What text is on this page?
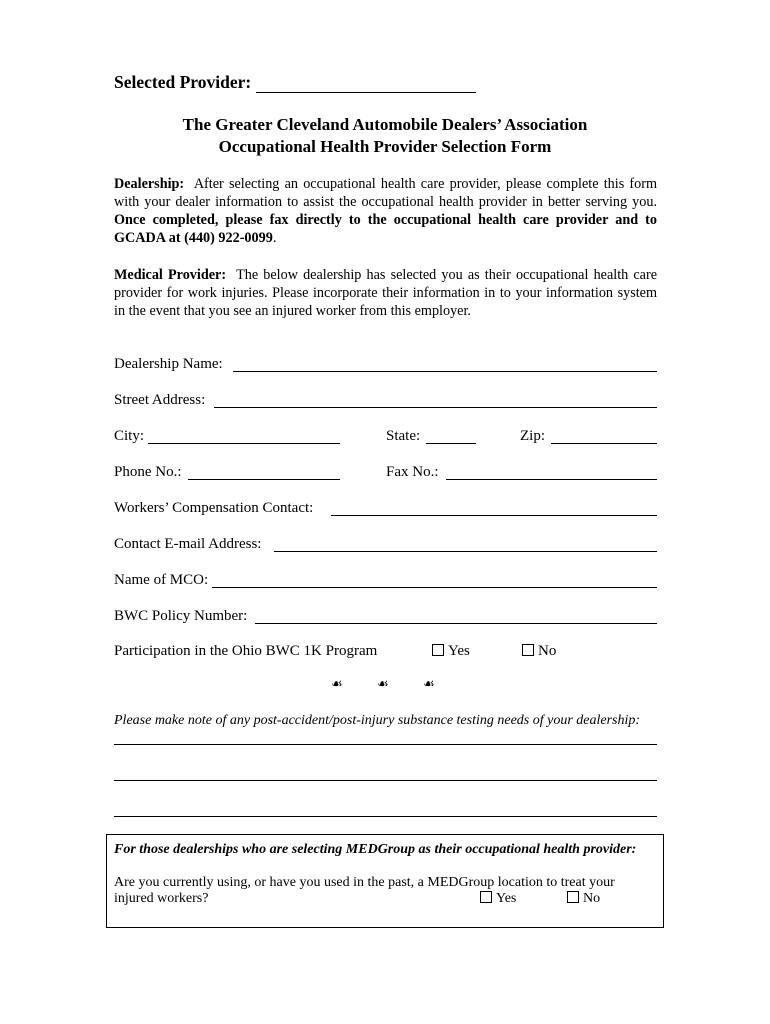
Selected Provider:
The Greater Cleveland Automobile Dealers’ Association
Occupational Health Provider Selection Form
Dealership: After selecting an occupational health care provider, please complete this form with your dealer information to assist the occupational health provider in better serving you. Once completed, please fax directly to the occupational health care provider and to GCADA at (440) 922-0099.
Medical Provider: The below dealership has selected you as their occupational health care provider for work injuries. Please incorporate their information in to your information system in the event that you see an injured worker from this employer.
Dealership Name:
Street Address:
City:	State:	Zip:
Phone No.:	Fax No.:
Workers’ Compensation Contact:
Contact E-mail Address:
Name of MCO:
BWC Policy Number:
Participation in the Ohio BWC 1K Program	Yes	No
☙	☙	☙
Please make note of any post-accident/post-injury substance testing needs of your dealership:
For those dealerships who are selecting MEDGroup as their occupational health provider:
Are you currently using, or have you used in the past, a MEDGroup location to treat your
injured workers?	Yes	No
